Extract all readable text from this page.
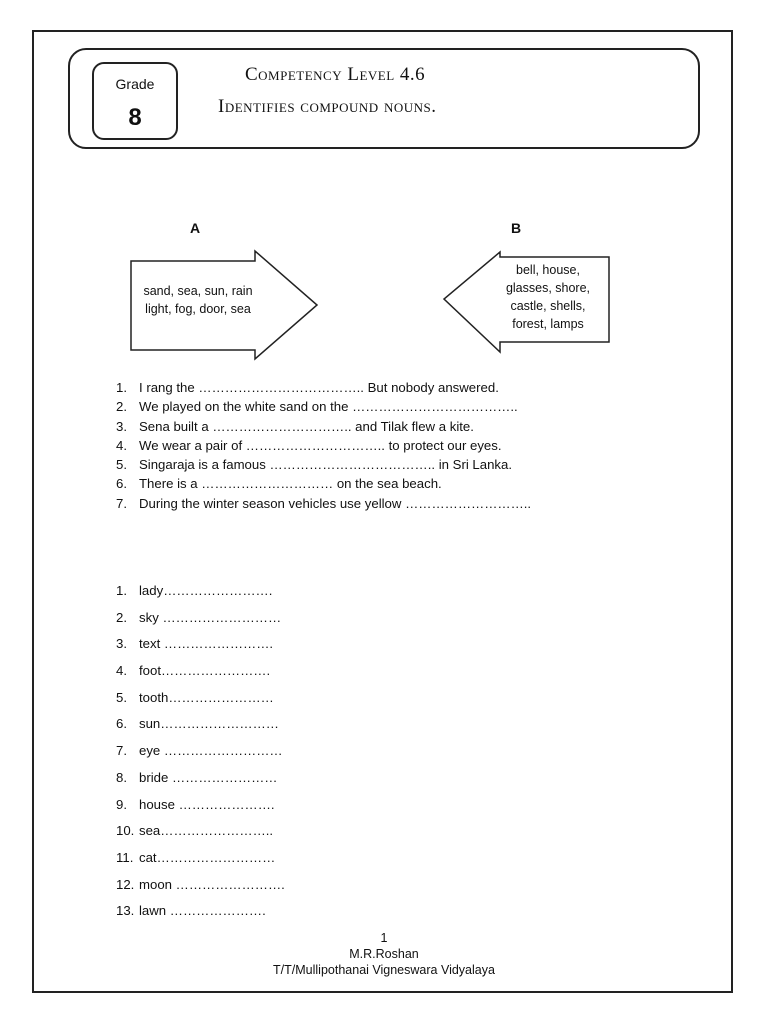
Grade
8
Competency Level 4.6
Identifies compound nouns.
A	B
sand, sea, sun, rain
light, fog, door, sea
bell, house,
glasses, shore,
castle, shells,
forest, lamps
1. I rang the ……………………………….. But nobody answered.
2. We played on the white sand on the ………………………………..
3. Sena built a ………………………….. and Tilak flew a kite.
4. We wear a pair of ………………………….. to protect our eyes.
5. Singaraja is a famous ……………………………….. in Sri Lanka.
6. There is a ………………………… on the sea beach.
7. During the winter season vehicles use yellow ………………………..
1. lady…………………….
2. sky ………………………
3. text …………………….
4. foot…………………….
5. tooth……………………
6. sun………………………
7. eye ………………………
8. bride ……………………
9. house ………………….
10. sea……………………..
11. cat………………………
12. moon …………………….
13. lawn ………………….
1
M.R.Roshan
T/T/Mullipothanai Vigneswara Vidyalaya
